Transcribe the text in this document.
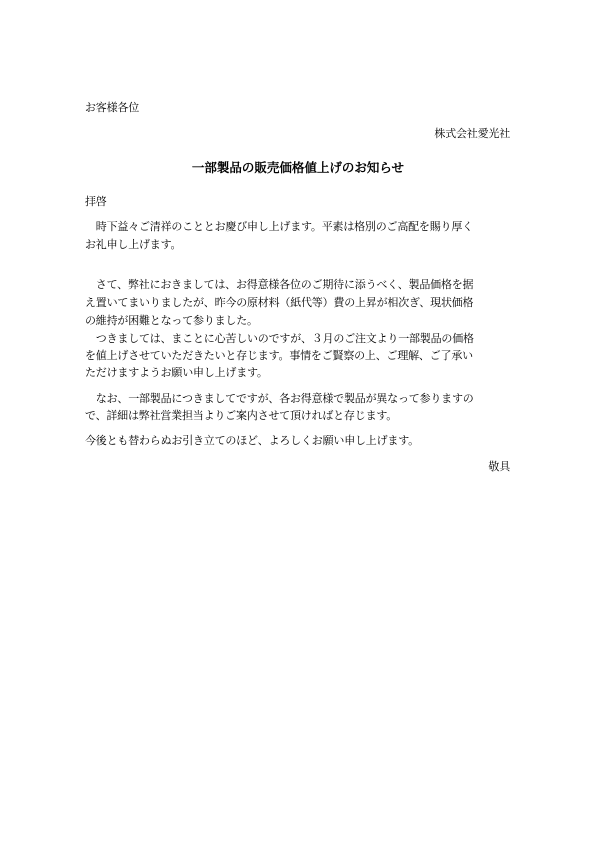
お客様各位
株式会社愛光社
一部製品の販売価格値上げのお知らせ
拝啓
　時下益々ご清祥のこととお慶び申し上げます。平素は格別のご高配を賜り厚く
お礼申し上げます。
　さて、弊社におきましては、お得意様各位のご期待に添うべく、製品価格を据
え置いてまいりましたが、昨今の原材料（紙代等）費の上昇が相次ぎ、現状価格
の維持が困難となって参りました。
　つきましては、まことに心苦しいのですが、３月のご注文より一部製品の価格
を値上げさせていただきたいと存じます。事情をご賢察の上、ご理解、ご了承い
ただけますようお願い申し上げます。
　なお、一部製品につきましてですが、各お得意様で製品が異なって参りますの
で、詳細は弊社営業担当よりご案内させて頂ければと存じます。
今後とも替わらぬお引き立てのほど、よろしくお願い申し上げます。
敬具
